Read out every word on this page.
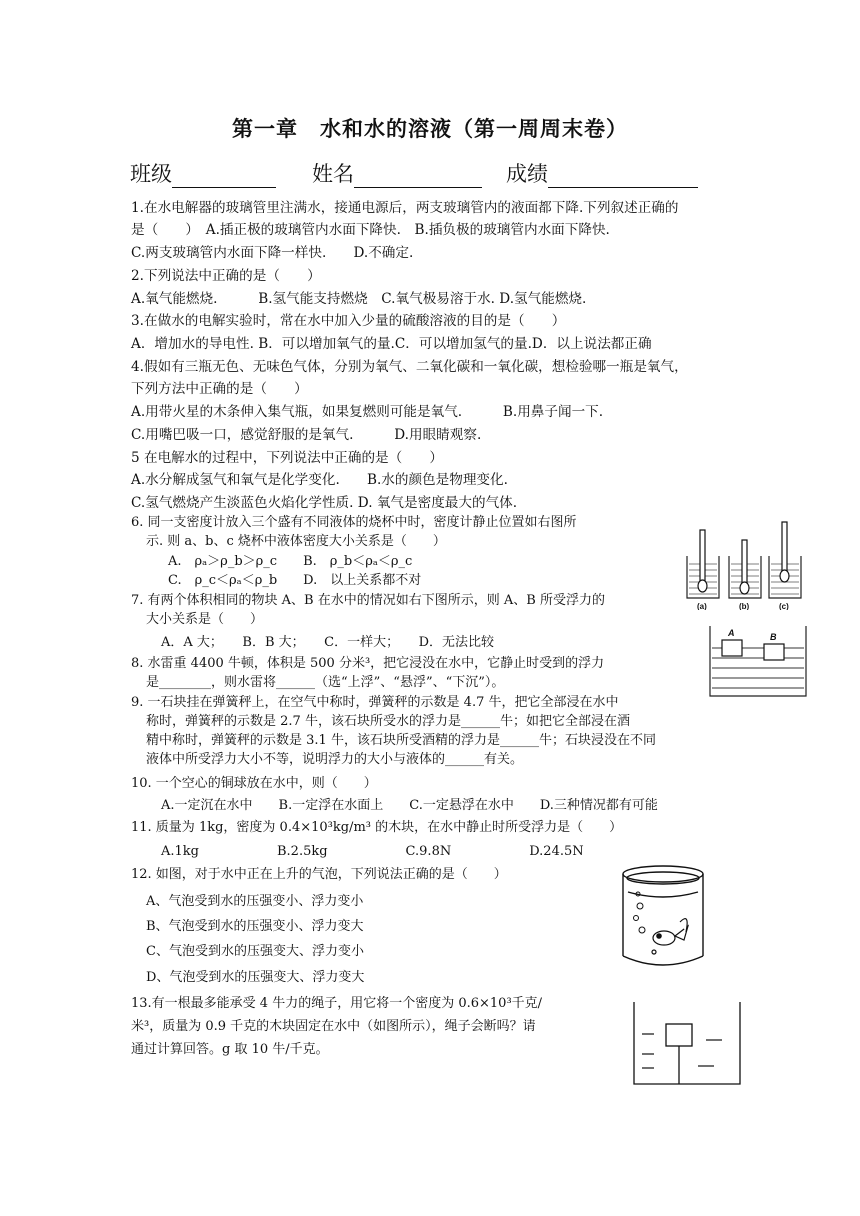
第一章　水和水的溶液（第一周周末卷）
班级	姓名	成绩
1.在水电解器的玻璃管里注满水，接通电源后，两支玻璃管内的液面都下降.下列叙述正确的
是（　　）　A.插正极的玻璃管内水面下降快.　B.插负极的玻璃管内水面下降快.
C.两支玻璃管内水面下降一样快.　　D.不确定.
2.下列说法中正确的是（　　）
A.氧气能燃烧.　　　B.氢气能支持燃烧　C.氧气极易溶于水. D.氢气能燃烧.
3.在做水的电解实验时，常在水中加入少量的硫酸溶液的目的是（　　）
A．增加水的导电性. B．可以增加氧气的量.C．可以增加氢气的量.D．以上说法都正确
4.假如有三瓶无色、无味色气体，分别为氧气、二氧化碳和一氧化碳，想检验哪一瓶是氧气，
下列方法中正确的是（　　）
A.用带火星的木条伸入集气瓶，如果复燃则可能是氧气.　　　B.用鼻子闻一下.
C.用嘴巴吸一口，感觉舒服的是氧气.　　　D.用眼睛观察.
5 在电解水的过程中，下列说法中正确的是（　　）
A.水分解成氢气和氧气是化学变化.　　B.水的颜色是物理变化.
C.氢气燃烧产生淡蓝色火焰化学性质. D. 氧气是密度最大的气体.
6. 同一支密度计放入三个盛有不同液体的烧杯中时，密度计静止位置如右图所
示. 则 a、b、c 烧杯中液体密度大小关系是（　　）
A.　ρₐ＞ρ_b＞ρ_c　　B.　ρ_b＜ρₐ＜ρ_c
C.　ρ_c＜ρₐ＜ρ_b　　D.　以上关系都不对
7. 有两个体积相同的物块 A、B 在水中的情况如右下图所示，则 A、B 所受浮力的
大小关系是（　　）
A．A 大；　　B．B 大；　　C．一样大；　　D．无法比较
8. 水雷重 4400 牛顿，体积是 500 分米³，把它浸没在水中，它静止时受到的浮力
是________，则水雷将______（选“上浮”、“悬浮”、“下沉”）。
9. 一石块挂在弹簧秤上，在空气中称时，弹簧秤的示数是 4.7 牛，把它全部浸在水中
称时，弹簧秤的示数是 2.7 牛，该石块所受水的浮力是______牛；如把它全部浸在酒
精中称时，弹簧秤的示数是 3.1 牛，该石块所受酒精的浮力是______牛；石块浸没在不同
液体中所受浮力大小不等，说明浮力的大小与液体的______有关。
10. 一个空心的铜球放在水中，则（　　）
A.一定沉在水中　　B.一定浮在水面上　　C.一定悬浮在水中　　D.三种情况都有可能
11. 质量为 1kg，密度为 0.4×10³kg/m³ 的木块，在水中静止时所受浮力是（　　）
A.1kg　　　　　　B.2.5kg　　　　　　C.9.8N　　　　　　D.24.5N
12. 如图，对于水中正在上升的气泡，下列说法正确的是（　　）
A、气泡受到水的压强变小、浮力变小
B、气泡受到水的压强变小、浮力变大
C、气泡受到水的压强变大、浮力变小
D、气泡受到水的压强变大、浮力变大
13.有一根最多能承受 4 牛力的绳子，用它将一个密度为 0.6×10³千克/
米³，质量为 0.9 千克的木块固定在水中（如图所示），绳子会断吗？请
通过计算回答。g 取 10 牛/千克。
(a)	(b)	(c)
A	B
